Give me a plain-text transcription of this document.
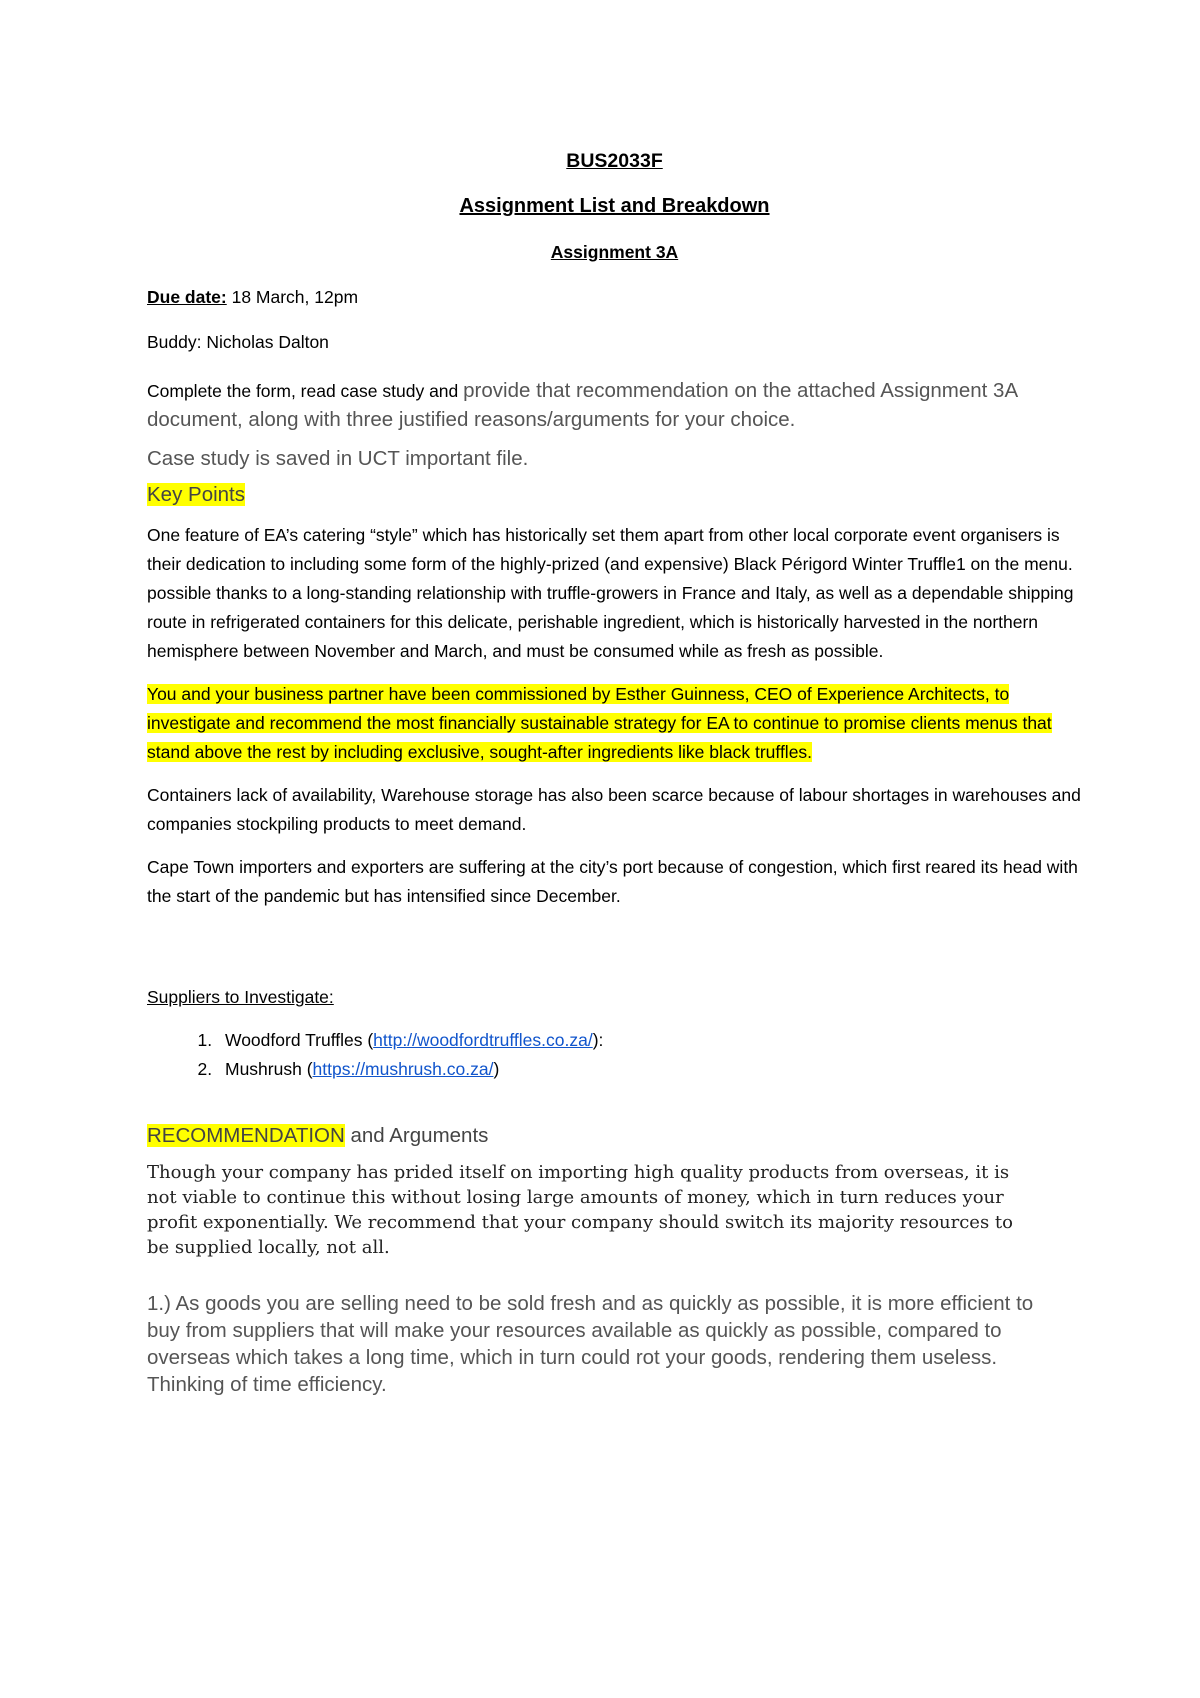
BUS2033F
Assignment List and Breakdown
Assignment 3A
Due date: 18 March, 12pm
Buddy: Nicholas Dalton

Complete the form, read case study and provide that recommendation on the attached Assignment 3A document, along with three justified reasons/arguments for your choice.

Case study is saved in UCT important file.

Key Points

One feature of EA’s catering “style” which has historically set them apart from other local corporate event organisers is their dedication to including some form of the highly-prized (and expensive) Black Périgord Winter Truffle1 on the menu. possible thanks to a long-standing relationship with truffle-growers in France and Italy, as well as a dependable shipping route in refrigerated containers for this delicate, perishable ingredient, which is historically harvested in the northern hemisphere between November and March, and must be consumed while as fresh as possible.

You and your business partner have been commissioned by Esther Guinness, CEO of Experience Architects, to investigate and recommend the most financially sustainable strategy for EA to continue to promise clients menus that stand above the rest by including exclusive, sought-after ingredients like black truffles.

Containers lack of availability, Warehouse storage has also been scarce because of labour shortages in warehouses and companies stockpiling products to meet demand.

Cape Town importers and exporters are suffering at the city’s port because of congestion, which first reared its head with the start of the pandemic but has intensified since December.

Suppliers to Investigate:

1. Woodford Truffles (http://woodfordtruffles.co.za/):
2. Mushrush (https://mushrush.co.za/)

RECOMMENDATION and Arguments

Though your company has prided itself on importing high quality products from overseas, it is not viable to continue this without losing large amounts of money, which in turn reduces your profit exponentially. We recommend that your company should switch its majority resources to be supplied locally, not all.

1.) As goods you are selling need to be sold fresh and as quickly as possible, it is more efficient to buy from suppliers that will make your resources available as quickly as possible, compared to overseas which takes a long time, which in turn could rot your goods, rendering them useless. Thinking of time efficiency.
